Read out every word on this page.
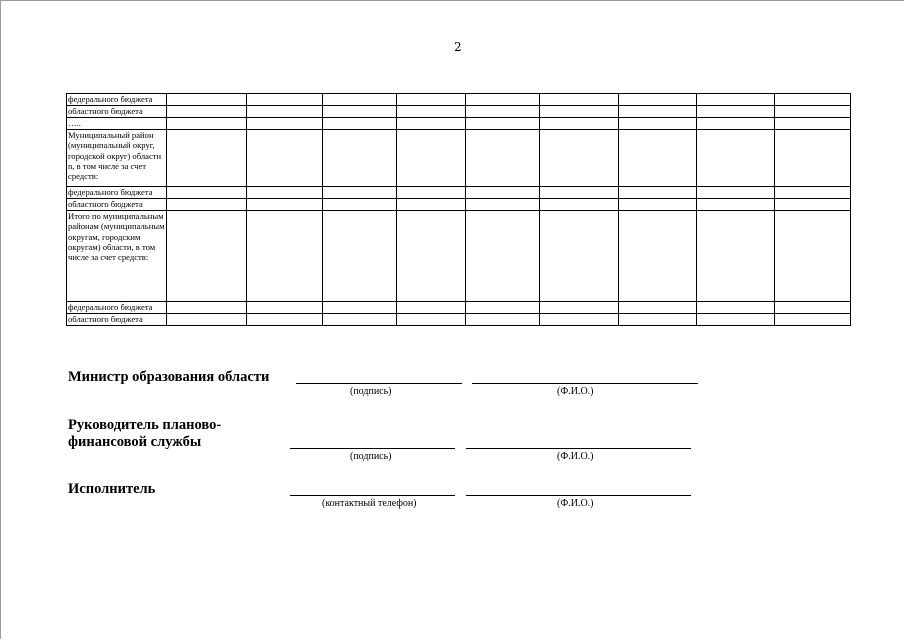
2
федерального бюджета									
областного бюджета									
…..									
Муниципальный район (муниципальный округ, городской округ) области n, в том числе за счет средств:									
федерального бюджета									
областного бюджета									
Итого по муниципальным районам (муниципальным округам, городским округам) области, в том числе за счет средств:									
федерального бюджета									
областного бюджета									
Министр образования области
(подпись)	(Ф.И.О.)
Руководитель планово-
финансовой службы
(подпись)	(Ф.И.О.)
Исполнитель
(контактный телефон)	(Ф.И.О.)
